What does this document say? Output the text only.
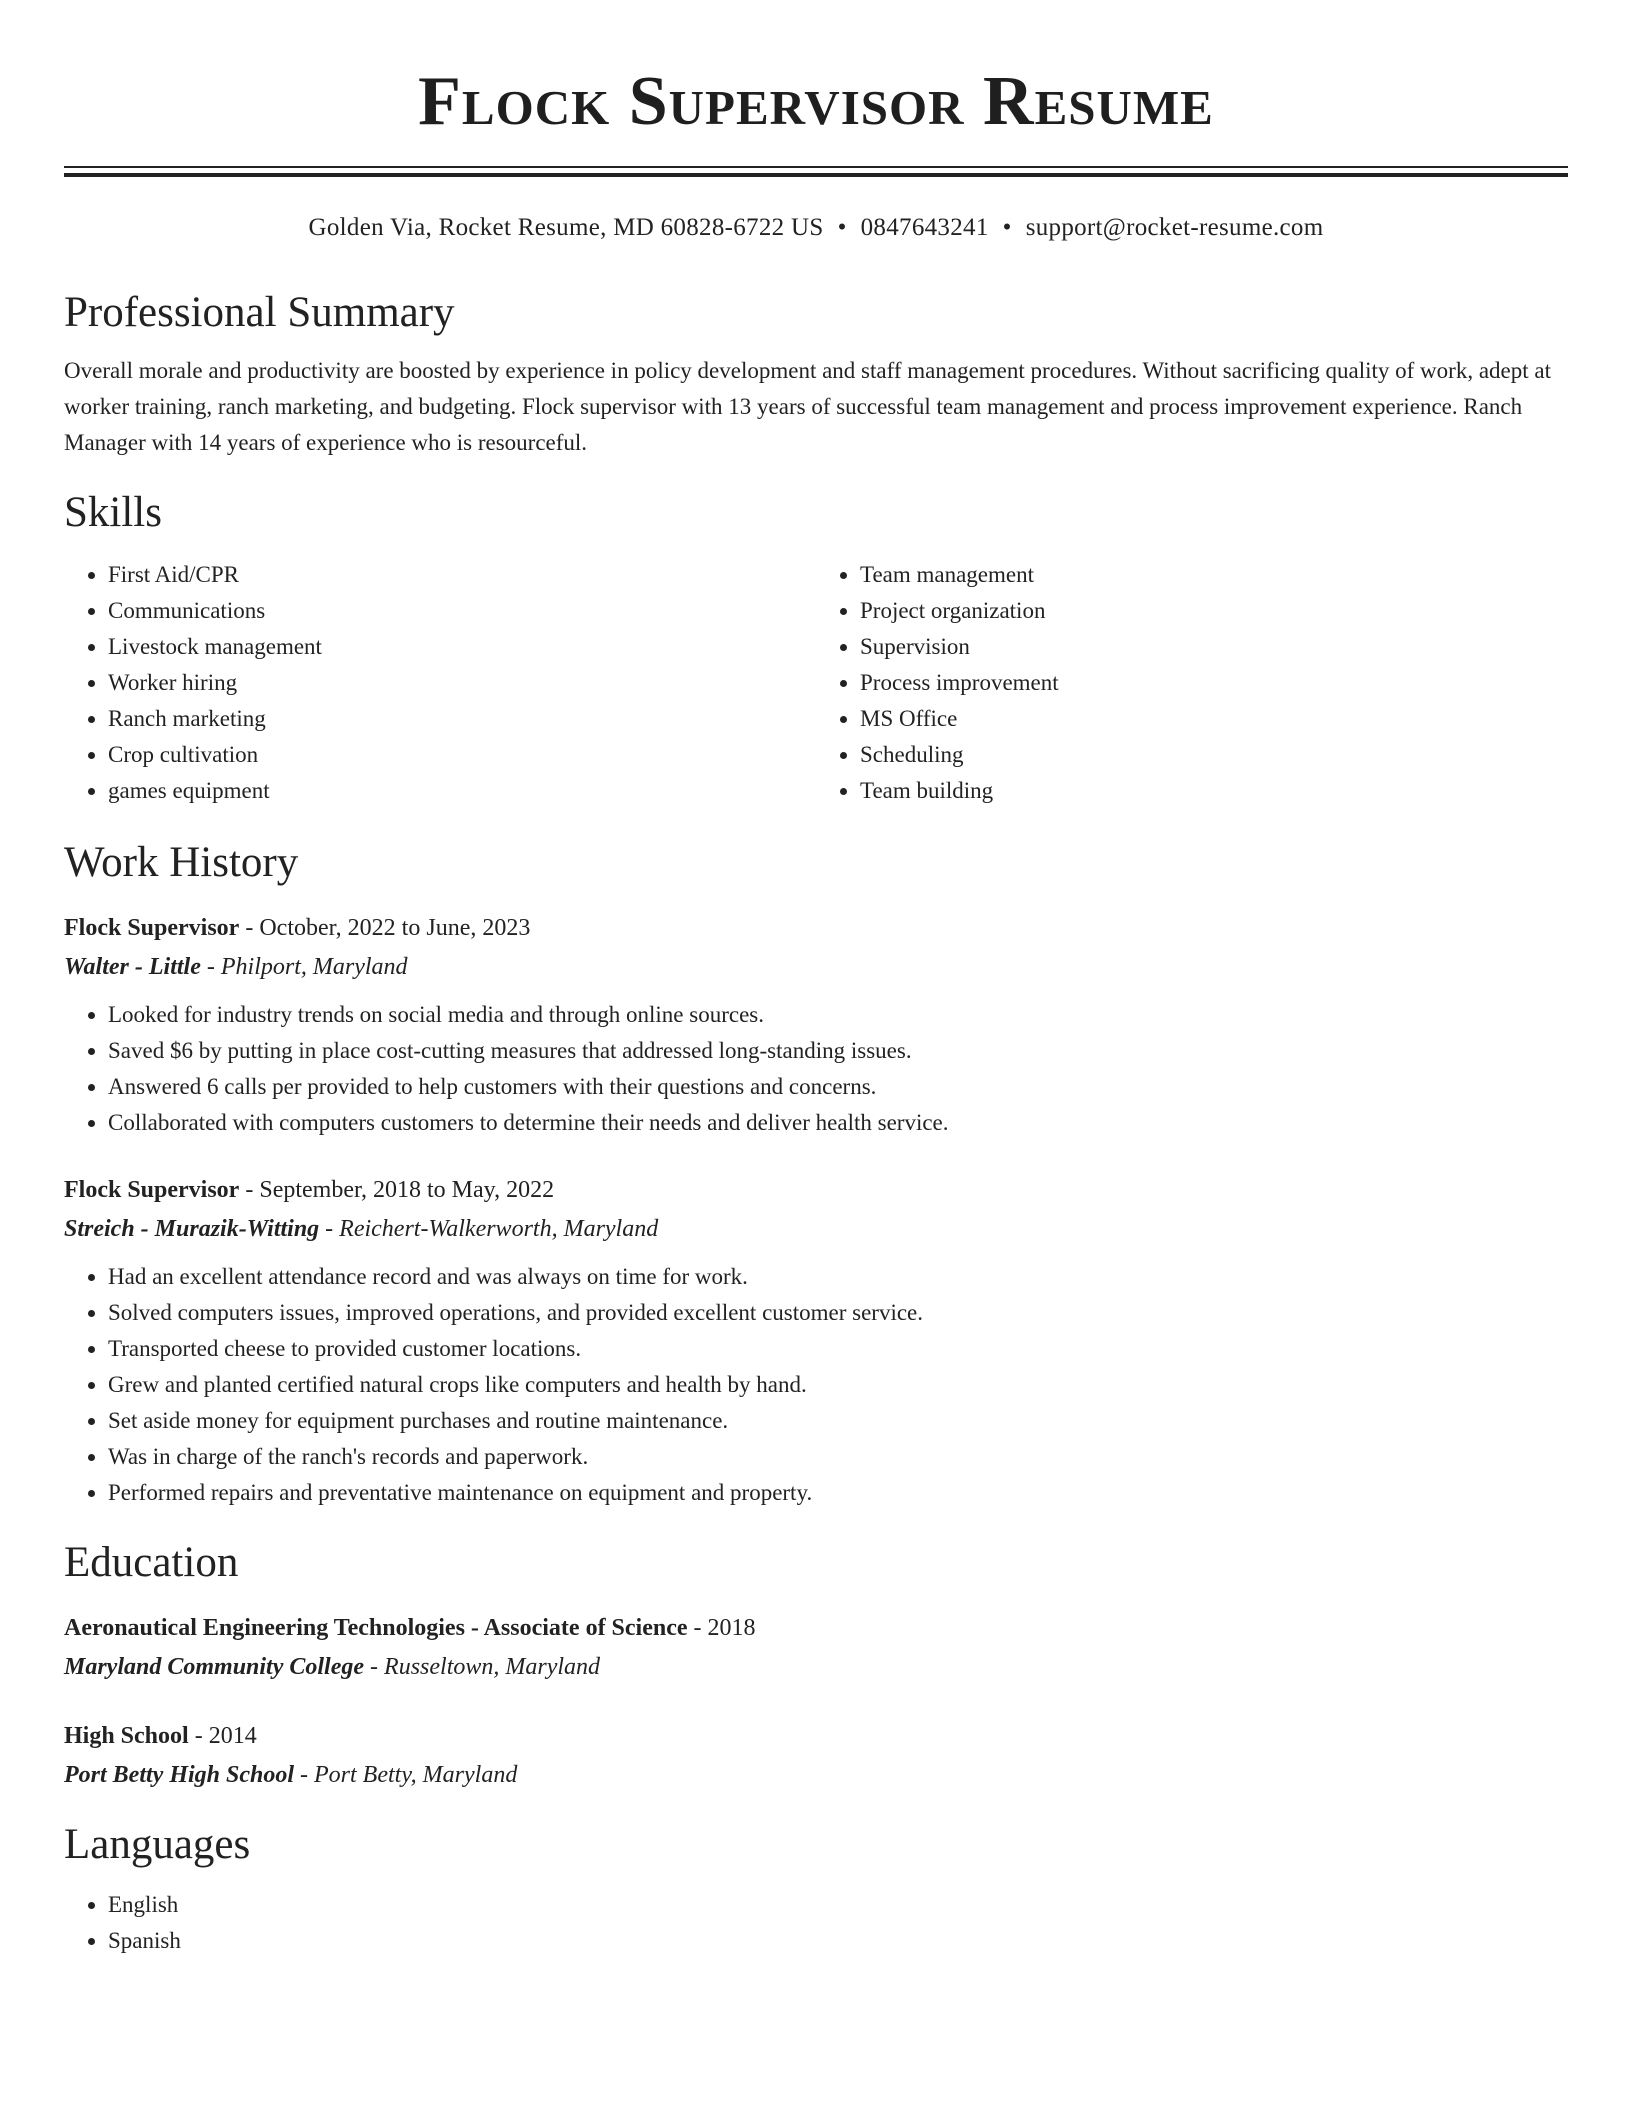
Flock Supervisor Resume
Golden Via, Rocket Resume, MD 60828-6722 US • 0847643241 • support@rocket-resume.com
Professional Summary
Overall morale and productivity are boosted by experience in policy development and staff management procedures. Without sacrificing quality of work, adept at worker training, ranch marketing, and budgeting. Flock supervisor with 13 years of successful team management and process improvement experience. Ranch Manager with 14 years of experience who is resourceful.
Skills
• First Aid/CPR
• Communications
• Livestock management
• Worker hiring
• Ranch marketing
• Crop cultivation
• games equipment
• Team management
• Project organization
• Supervision
• Process improvement
• MS Office
• Scheduling
• Team building
Work History
Flock Supervisor - October, 2022 to June, 2023
Walter - Little - Philport, Maryland
• Looked for industry trends on social media and through online sources.
• Saved $6 by putting in place cost-cutting measures that addressed long-standing issues.
• Answered 6 calls per provided to help customers with their questions and concerns.
• Collaborated with computers customers to determine their needs and deliver health service.
Flock Supervisor - September, 2018 to May, 2022
Streich - Murazik-Witting - Reichert-Walkerworth, Maryland
• Had an excellent attendance record and was always on time for work.
• Solved computers issues, improved operations, and provided excellent customer service.
• Transported cheese to provided customer locations.
• Grew and planted certified natural crops like computers and health by hand.
• Set aside money for equipment purchases and routine maintenance.
• Was in charge of the ranch's records and paperwork.
• Performed repairs and preventative maintenance on equipment and property.
Education
Aeronautical Engineering Technologies - Associate of Science - 2018
Maryland Community College - Russeltown, Maryland
High School - 2014
Port Betty High School - Port Betty, Maryland
Languages
• English
• Spanish
